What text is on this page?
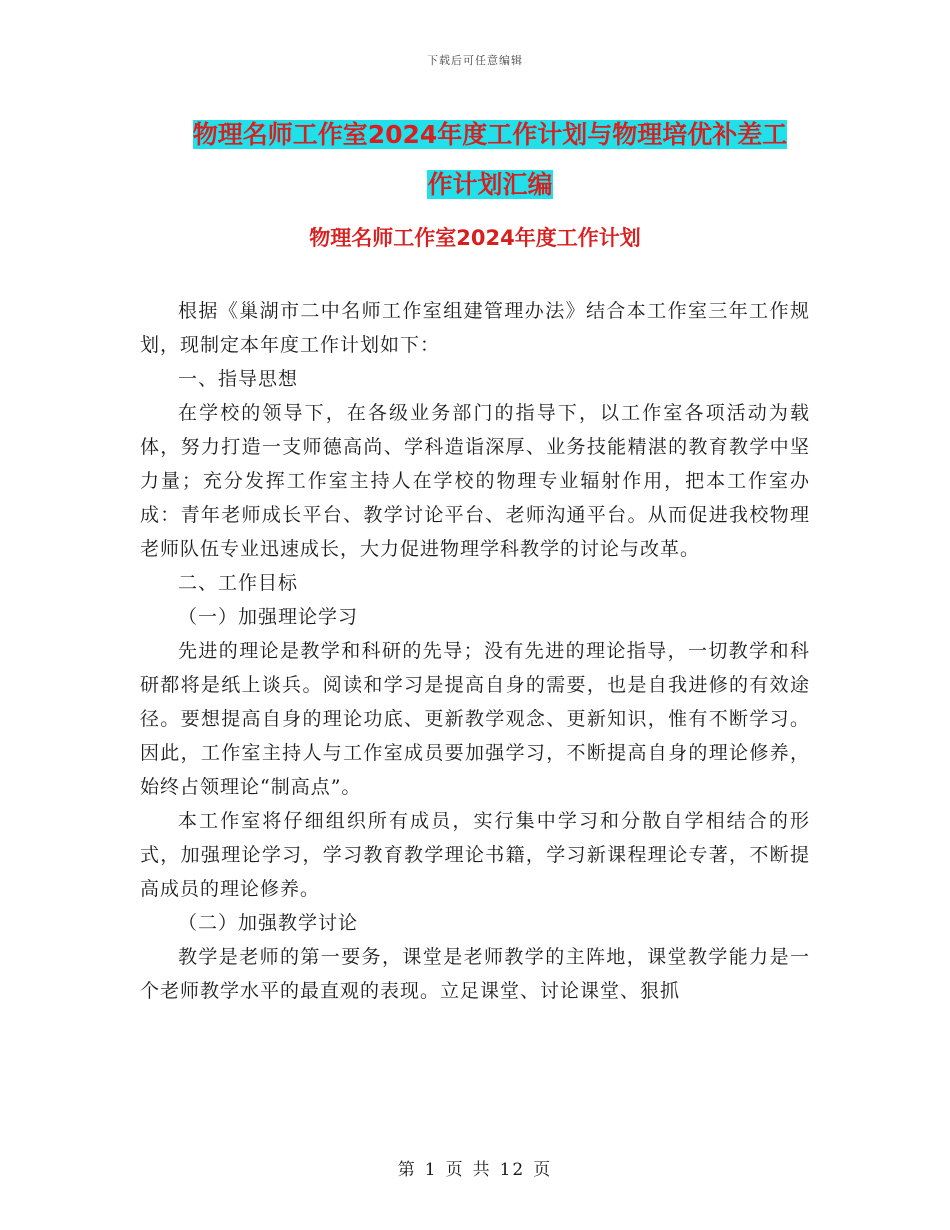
下载后可任意编辑
物理名师工作室2024年度工作计划与物理培优补差工
作计划汇编
物理名师工作室2024年度工作计划

根据《巢湖市二中名师工作室组建管理办法》结合本工作室三年工作规划，现制定本年度工作计划如下：

一、指导思想

在学校的领导下，在各级业务部门的指导下，以工作室各项活动为载体，努力打造一支师德高尚、学科造诣深厚、业务技能精湛的教育教学中坚力量；充分发挥工作室主持人在学校的物理专业辐射作用，把本工作室办成：青年老师成长平台、教学讨论平台、老师沟通平台。从而促进我校物理老师队伍专业迅速成长，大力促进物理学科教学的讨论与改革。

二、工作目标

（一）加强理论学习

先进的理论是教学和科研的先导；没有先进的理论指导，一切教学和科研都将是纸上谈兵。阅读和学习是提高自身的需要，也是自我进修的有效途径。要想提高自身的理论功底、更新教学观念、更新知识，惟有不断学习。因此，工作室主持人与工作室成员要加强学习，不断提高自身的理论修养，始终占领理论“制高点”。

本工作室将仔细组织所有成员，实行集中学习和分散自学相结合的形式，加强理论学习，学习教育教学理论书籍，学习新课程理论专著，不断提高成员的理论修养。

（二）加强教学讨论

教学是老师的第一要务，课堂是老师教学的主阵地，课堂教学能力是一个老师教学水平的最直观的表现。立足课堂、讨论课堂、狠抓

第 1 页 共 12 页
